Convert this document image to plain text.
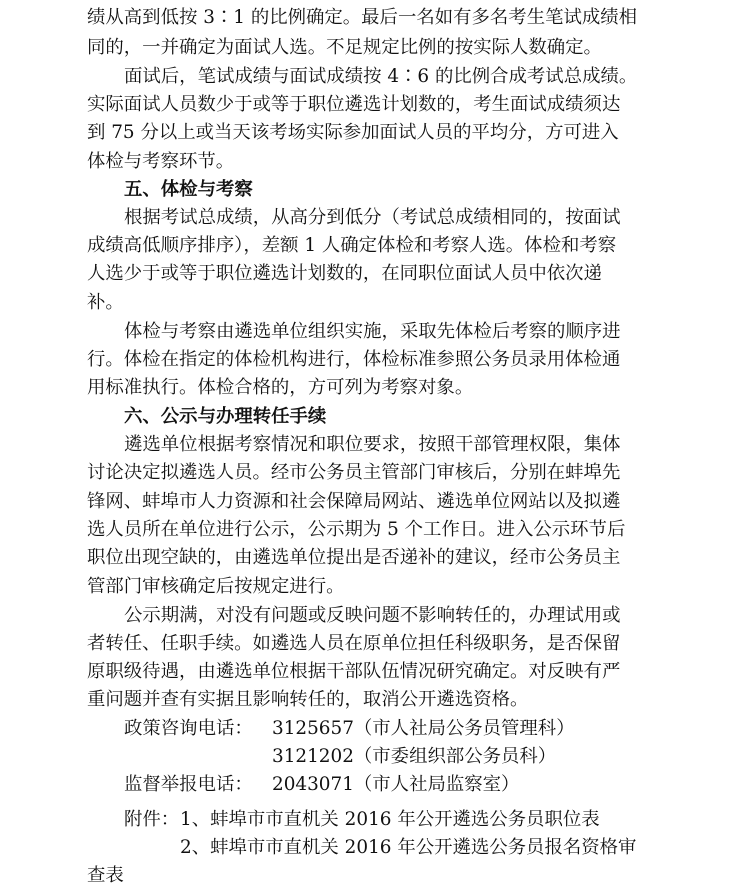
绩从高到低按 3∶1 的比例确定。最后一名如有多名考生笔试成绩相
同的，一并确定为面试人选。不足规定比例的按实际人数确定。
面试后，笔试成绩与面试成绩按 4∶6 的比例合成考试总成绩。
实际面试人员数少于或等于职位遴选计划数的，考生面试成绩须达
到 75 分以上或当天该考场实际参加面试人员的平均分，方可进入
体检与考察环节。
五、体检与考察
根据考试总成绩，从高分到低分（考试总成绩相同的，按面试
成绩高低顺序排序），差额 1 人确定体检和考察人选。体检和考察
人选少于或等于职位遴选计划数的，在同职位面试人员中依次递
补。
体检与考察由遴选单位组织实施，采取先体检后考察的顺序进
行。体检在指定的体检机构进行，体检标准参照公务员录用体检通
用标准执行。体检合格的，方可列为考察对象。
六、公示与办理转任手续
遴选单位根据考察情况和职位要求，按照干部管理权限，集体
讨论决定拟遴选人员。经市公务员主管部门审核后，分别在蚌埠先
锋网、蚌埠市人力资源和社会保障局网站、遴选单位网站以及拟遴
选人员所在单位进行公示，公示期为 5 个工作日。进入公示环节后
职位出现空缺的，由遴选单位提出是否递补的建议，经市公务员主
管部门审核确定后按规定进行。
公示期满，对没有问题或反映问题不影响转任的，办理试用或
者转任、任职手续。如遴选人员在原单位担任科级职务，是否保留
原职级待遇，由遴选单位根据干部队伍情况研究确定。对反映有严
重问题并查有实据且影响转任的，取消公开遴选资格。
政策咨询电话： 3125657（市人社局公务员管理科）
3121202（市委组织部公务员科）
监督举报电话： 2043071（市人社局监察室）
附件： 1、蚌埠市市直机关 2016 年公开遴选公务员职位表
2、蚌埠市市直机关 2016 年公开遴选公务员报名资格审
查表
